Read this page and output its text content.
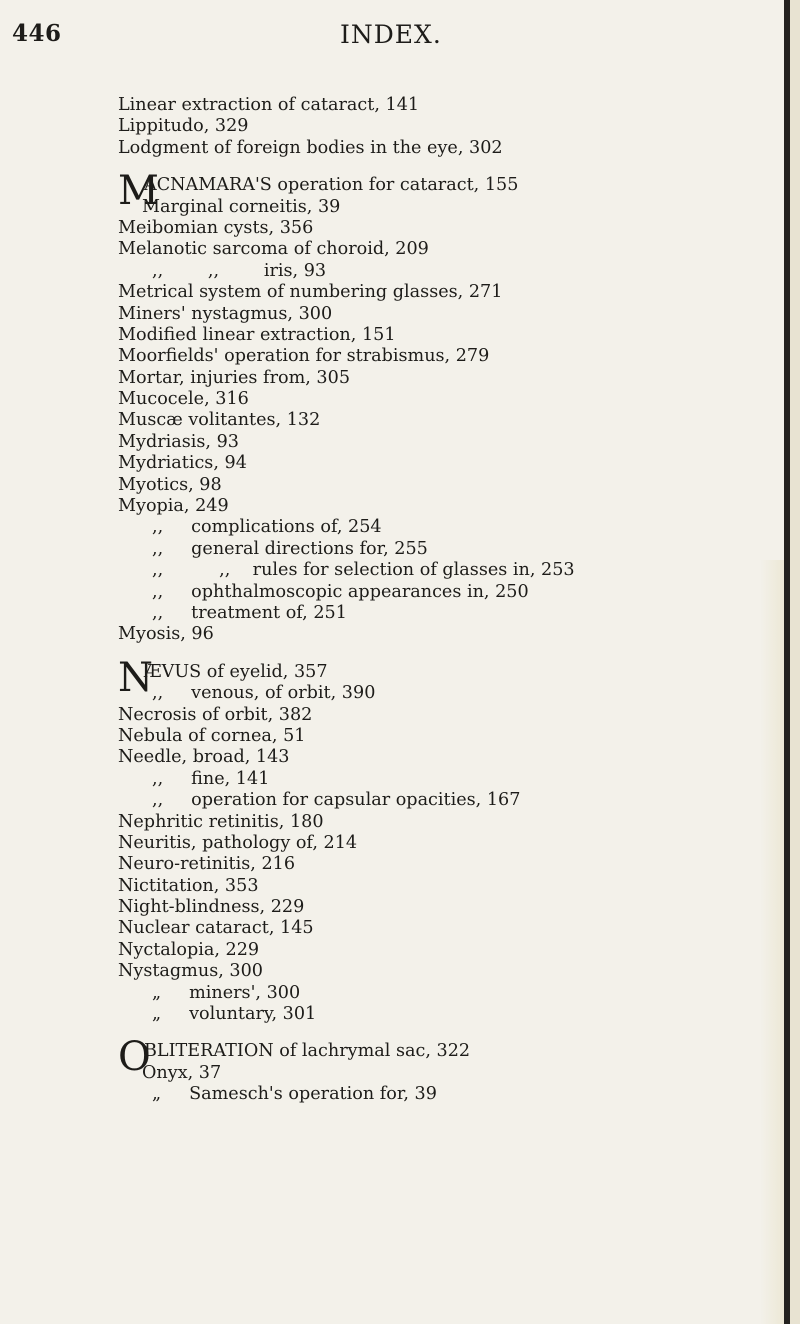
446	INDEX.
Linear extraction of cataract, 141
Lippitudo, 329
Lodgment of foreign bodies in the eye, 302
MACNAMARA'S operation for cataract, 155
Marginal corneitis, 39
Meibomian cysts, 356
Melanotic sarcoma of choroid, 209
,,        ,,        iris, 93
Metrical system of numbering glasses, 271
Miners' nystagmus, 300
Modified linear extraction, 151
Moorfields' operation for strabismus, 279
Mortar, injuries from, 305
Mucocele, 316
Muscæ volitantes, 132
Mydriasis, 93
Mydriatics, 94
Myotics, 98
Myopia, 249
,,     complications of, 254
,,     general directions for, 255
,,          ,,    rules for selection of glasses in, 253
,,     ophthalmoscopic appearances in, 250
,,     treatment of, 251
Myosis, 96
NÆVUS of eyelid, 357
,,     venous, of orbit, 390
Necrosis of orbit, 382
Nebula of cornea, 51
Needle, broad, 143
,,     fine, 141
,,     operation for capsular opacities, 167
Nephritic retinitis, 180
Neuritis, pathology of, 214
Neuro-retinitis, 216
Nictitation, 353
Night-blindness, 229
Nuclear cataract, 145
Nyctalopia, 229
Nystagmus, 300
„     miners', 300
„     voluntary, 301
OBLITERATION of lachrymal sac, 322
Onyx, 37
„     Samesch's operation for, 39
